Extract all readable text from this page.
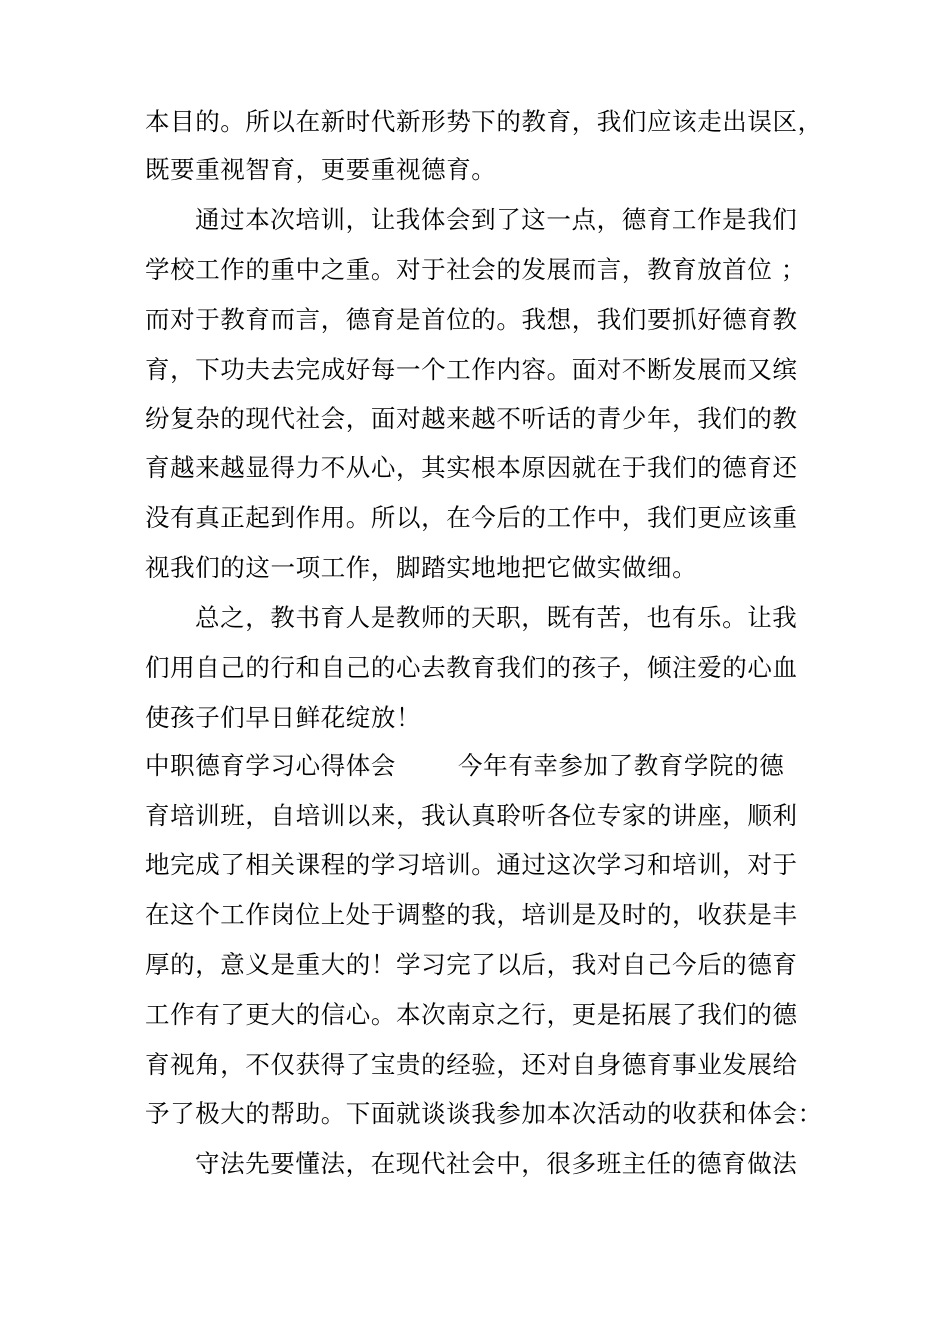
本目的。所以在新时代新形势下的教育，我们应该走出误区，
既要重视智育，更要重视德育。
通过本次培训，让我体会到了这一点，德育工作是我们
学校工作的重中之重。对于社会的发展而言，教育放首位 ；
而对于教育而言，德育是首位的。我想，我们要抓好德育教
育，下功夫去完成好每一个工作内容。面对不断发展而又缤
纷复杂的现代社会，面对越来越不听话的青少年，我们的教
育越来越显得力不从心，其实根本原因就在于我们的德育还
没有真正起到作用。所以，在今后的工作中，我们更应该重
视我们的这一项工作，脚踏实地地把它做实做细。
总之，教书育人是教师的天职，既有苦，也有乐。让我
们用自己的行和自己的心去教育我们的孩子，倾注爱的心血
使孩子们早日鲜花绽放！
中职德育学习心得体会	今年有幸参加了教育学院的德
育培训班，自培训以来，我认真聆听各位专家的讲座，顺利
地完成了相关课程的学习培训。通过这次学习和培训，对于
在这个工作岗位上处于调整的我，培训是及时的，收获是丰
厚的，意义是重大的！学习完了以后，我对自己今后的德育
工作有了更大的信心。本次南京之行，更是拓展了我们的德
育视角，不仅获得了宝贵的经验，还对自身德育事业发展给
予了极大的帮助。下面就谈谈我参加本次活动的收获和体会：
守法先要懂法，在现代社会中，很多班主任的德育做法
